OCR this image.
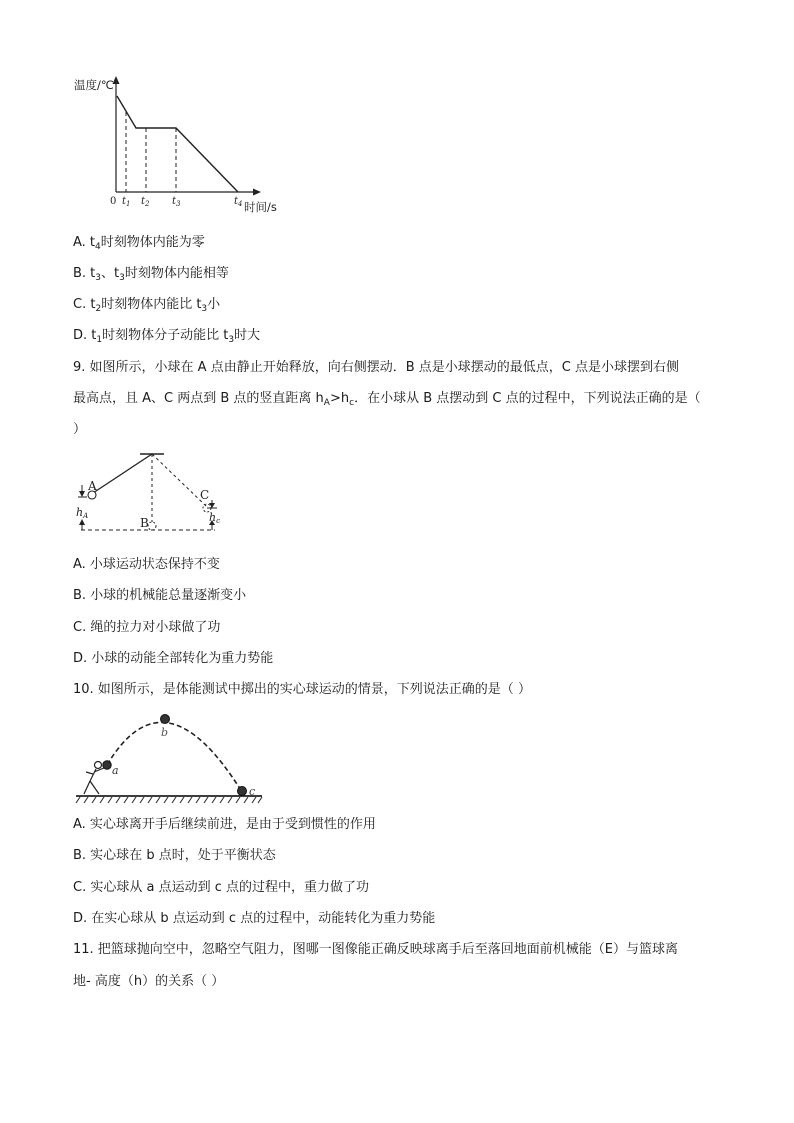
温度/℃
0 $t_1$ $t_2$ $t_3$	$t_4$ 时间/s
A. $t_4$时刻物体内能为零
B. $t_3$、$t_3$时刻物体内能相等
C. $t_2$时刻物体内能比 $t_3$小
D. $t_1$时刻物体分子动能比 $t_3$时大
9. 如图所示，小球在 A 点由静止开始释放，向右侧摆动．B 点是小球摆动的最低点，C 点是小球摆到右侧
最高点，且 A、C 两点到 B 点的竖直距离 $h_A>h_c$．在小球从 B 点摆动到 C 点的过程中，下列说法正确的是（
）
A
B
C
hA	hc
A. 小球运动状态保持不变
B. 小球的机械能总量逐渐变小
C. 绳的拉力对小球做了功
D. 小球的动能全部转化为重力势能
10. 如图所示，是体能测试中掷出的实心球运动的情景，下列说法正确的是（ ）
a
b
c
A. 实心球离开手后继续前进，是由于受到惯性的作用
B. 实心球在 b 点时，处于平衡状态
C. 实心球从 a 点运动到 c 点的过程中，重力做了功
D. 在实心球从 b 点运动到 c 点的过程中，动能转化为重力势能
11. 把篮球抛向空中，忽略空气阻力，图哪一图像能正确反映球离手后至落回地面前机械能（E）与篮球离
地- 高度（h）的关系（ ）
